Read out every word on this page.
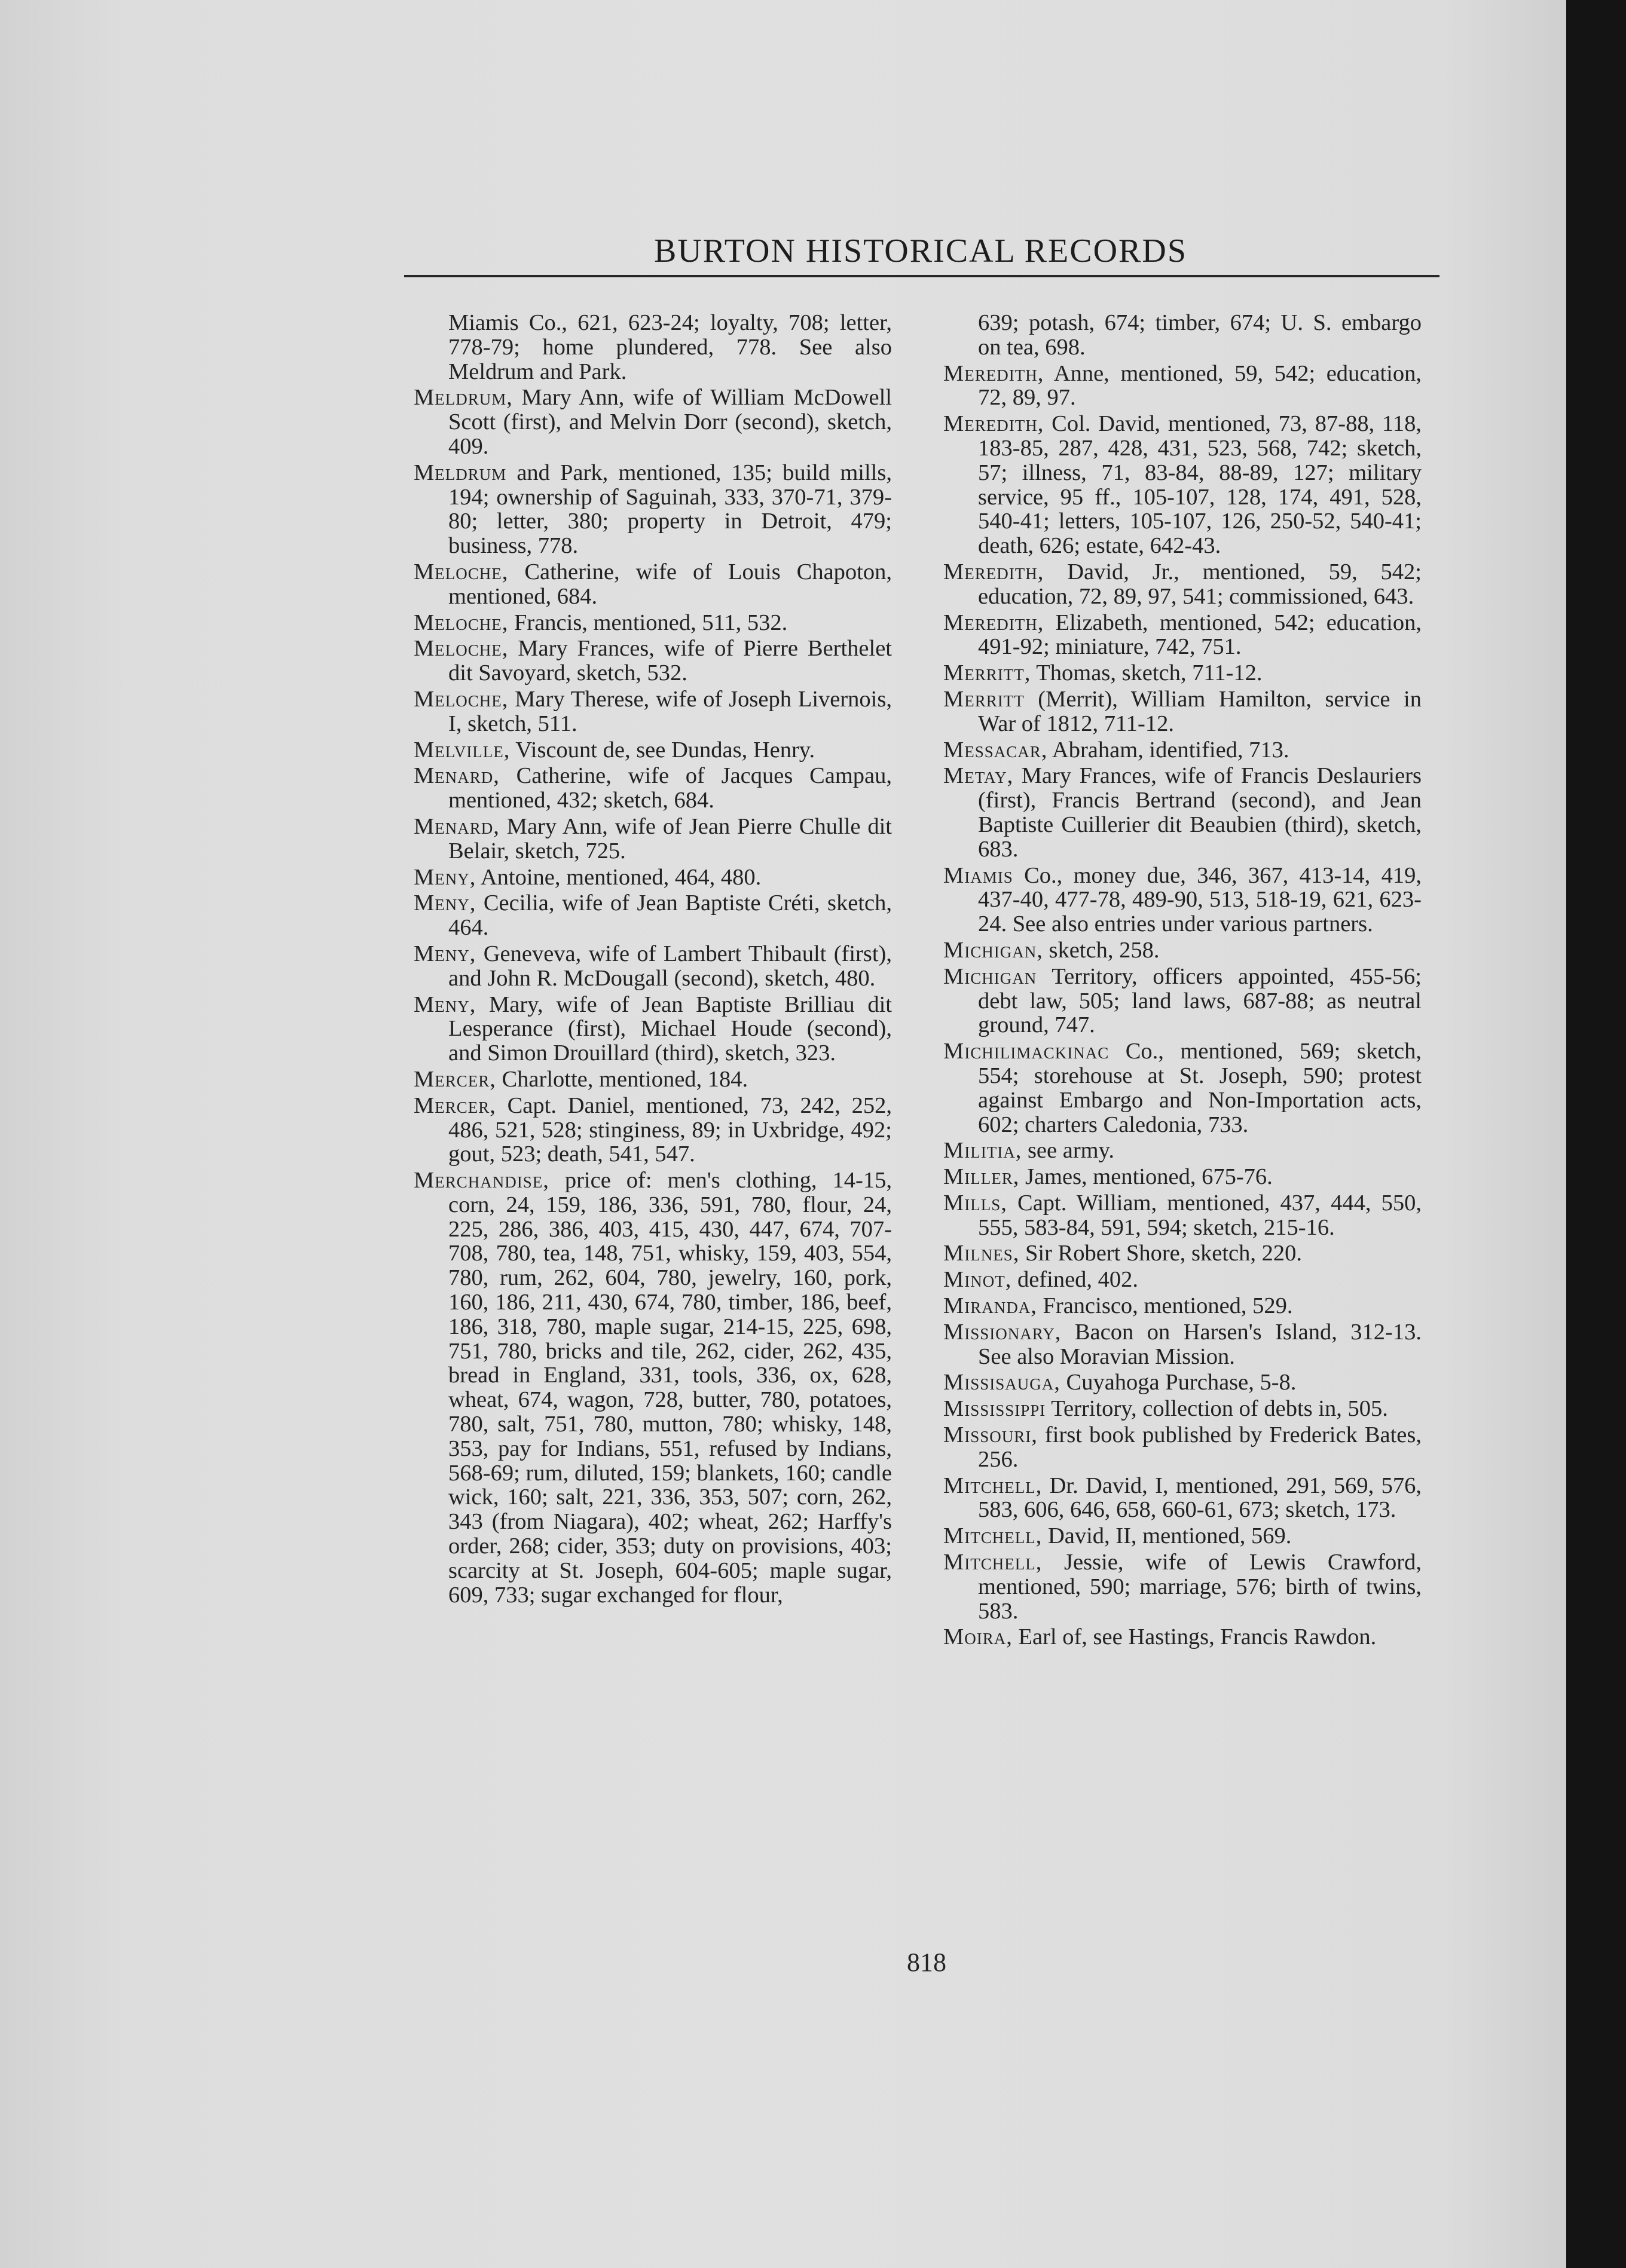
BURTON HISTORICAL RECORDS

Miamis Co., 621, 623-24; loyalty, 708; letter, 778-79; home plundered, 778. See also Meldrum and Park.

Meldrum, Mary Ann, wife of William McDowell Scott (first), and Melvin Dorr (second), sketch, 409.

Meldrum and Park, mentioned, 135; build mills, 194; ownership of Saguinah, 333, 370-71, 379-80; letter, 380; property in Detroit, 479; business, 778.

Meloche, Catherine, wife of Louis Chapoton, mentioned, 684.

Meloche, Francis, mentioned, 511, 532.

Meloche, Mary Frances, wife of Pierre Berthelet dit Savoyard, sketch, 532.

Meloche, Mary Therese, wife of Joseph Livernois, I, sketch, 511.

Melville, Viscount de, see Dundas, Henry.

Menard, Catherine, wife of Jacques Campau, mentioned, 432; sketch, 684.

Menard, Mary Ann, wife of Jean Pierre Chulle dit Belair, sketch, 725.

Meny, Antoine, mentioned, 464, 480.

Meny, Cecilia, wife of Jean Baptiste Créti, sketch, 464.

Meny, Geneveva, wife of Lambert Thibault (first), and John R. McDougall (second), sketch, 480.

Meny, Mary, wife of Jean Baptiste Brilliau dit Lesperance (first), Michael Houde (second), and Simon Drouillard (third), sketch, 323.

Mercer, Charlotte, mentioned, 184.

Mercer, Capt. Daniel, mentioned, 73, 242, 252, 486, 521, 528; stinginess, 89; in Uxbridge, 492; gout, 523; death, 541, 547.

Merchandise, price of: men's clothing, 14-15, corn, 24, 159, 186, 336, 591, 780, flour, 24, 225, 286, 386, 403, 415, 430, 447, 674, 707-708, 780, tea, 148, 751, whisky, 159, 403, 554, 780, rum, 262, 604, 780, jewelry, 160, pork, 160, 186, 211, 430, 674, 780, timber, 186, beef, 186, 318, 780, maple sugar, 214-15, 225, 698, 751, 780, bricks and tile, 262, cider, 262, 435, bread in England, 331, tools, 336, ox, 628, wheat, 674, wagon, 728, butter, 780, potatoes, 780, salt, 751, 780, mutton, 780; whisky, 148, 353, pay for Indians, 551, refused by Indians, 568-69; rum, diluted, 159; blankets, 160; candle wick, 160; salt, 221, 336, 353, 507; corn, 262, 343 (from Niagara), 402; wheat, 262; Harffy's order, 268; cider, 353; duty on provisions, 403; scarcity at St. Joseph, 604-605; maple sugar, 609, 733; sugar exchanged for flour,

639; potash, 674; timber, 674; U. S. embargo on tea, 698.

Meredith, Anne, mentioned, 59, 542; education, 72, 89, 97.

Meredith, Col. David, mentioned, 73, 87-88, 118, 183-85, 287, 428, 431, 523, 568, 742; sketch, 57; illness, 71, 83-84, 88-89, 127; military service, 95 ff., 105-107, 128, 174, 491, 528, 540-41; letters, 105-107, 126, 250-52, 540-41; death, 626; estate, 642-43.

Meredith, David, Jr., mentioned, 59, 542; education, 72, 89, 97, 541; commissioned, 643.

Meredith, Elizabeth, mentioned, 542; education, 491-92; miniature, 742, 751.

Merritt, Thomas, sketch, 711-12.

Merritt (Merrit), William Hamilton, service in War of 1812, 711-12.

Messacar, Abraham, identified, 713.

Metay, Mary Frances, wife of Francis Deslauriers (first), Francis Bertrand (second), and Jean Baptiste Cuillerier dit Beaubien (third), sketch, 683.

Miamis Co., money due, 346, 367, 413-14, 419, 437-40, 477-78, 489-90, 513, 518-19, 621, 623-24. See also entries under various partners.

Michigan, sketch, 258.

Michigan Territory, officers appointed, 455-56; debt law, 505; land laws, 687-88; as neutral ground, 747.

Michilimackinac Co., mentioned, 569; sketch, 554; storehouse at St. Joseph, 590; protest against Embargo and Non-Importation acts, 602; charters Caledonia, 733.

Militia, see army.

Miller, James, mentioned, 675-76.

Mills, Capt. William, mentioned, 437, 444, 550, 555, 583-84, 591, 594; sketch, 215-16.

Milnes, Sir Robert Shore, sketch, 220.

Minot, defined, 402.

Miranda, Francisco, mentioned, 529.

Missionary, Bacon on Harsen's Island, 312-13. See also Moravian Mission.

Missisauga, Cuyahoga Purchase, 5-8.

Mississippi Territory, collection of debts in, 505.

Missouri, first book published by Frederick Bates, 256.

Mitchell, Dr. David, I, mentioned, 291, 569, 576, 583, 606, 646, 658, 660-61, 673; sketch, 173.

Mitchell, David, II, mentioned, 569.

Mitchell, Jessie, wife of Lewis Crawford, mentioned, 590; marriage, 576; birth of twins, 583.

Moira, Earl of, see Hastings, Francis Rawdon.

818
